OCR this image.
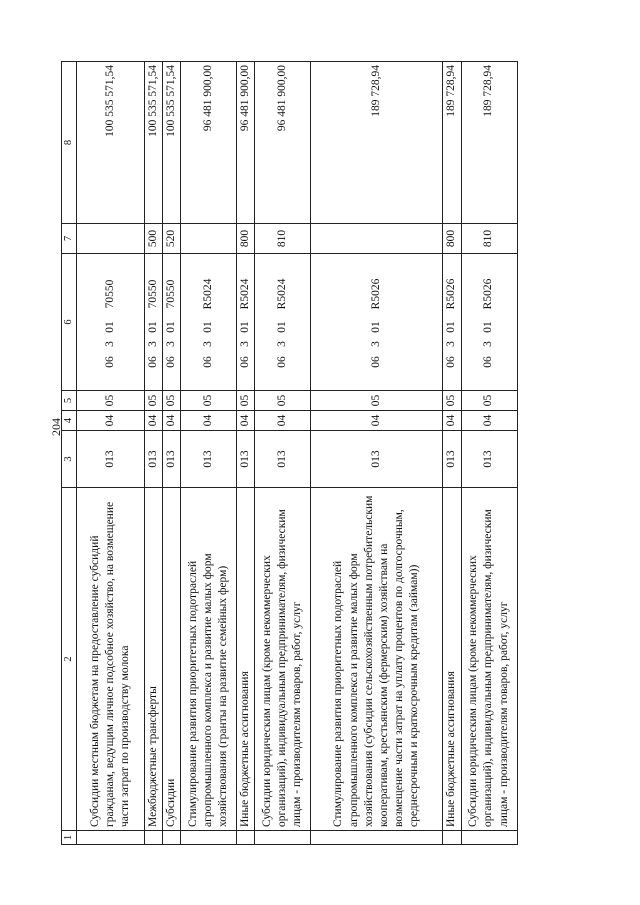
204
1	2	3	4	5	6	7	8
	Субсидии местным бюджетам на предоставление субсидий гражданам, ведущим личное подсобное хозяйство, на возмещение части затрат по производству молока	013	04	05	0630170550		100 535 571,54
	Межбюджетные трансферты	013	04	05	0630170550	500	100 535 571,54
	Субсидии	013	04	05	0630170550	520	100 535 571,54
	Стимулирование развития приоритетных подотраслей агропромышленного комплекса и развитие малых форм хозяйствования (гранты на развитие семейных ферм)	013	04	05	06301R5024		96 481 900,00
	Иные бюджетные ассигнования	013	04	05	06301R5024	800	96 481 900,00
	Субсидии юридическим лицам (кроме некоммерческих организаций), индивидуальным предпринимателям, физическим лицам - производителям товаров, работ, услуг	013	04	05	06301R5024	810	96 481 900,00
	Стимулирование развития приоритетных подотраслей агропромышленного комплекса и развитие малых форм хозяйствования (субсидии сельскохозяйственным потребительским кооперативам, крестьянским (фермерским) хозяйствам на возмещение части затрат на уплату процентов по долгосрочным, среднесрочным и краткосрочным кредитам (займам))	013	04	05	06301R5026		189 728,94
	Иные бюджетные ассигнования	013	04	05	06301R5026	800	189 728,94
	Субсидии юридическим лицам (кроме некоммерческих организаций), индивидуальным предпринимателям, физическим лицам - производителям товаров, работ, услуг	013	04	05	06301R5026	810	189 728,94
